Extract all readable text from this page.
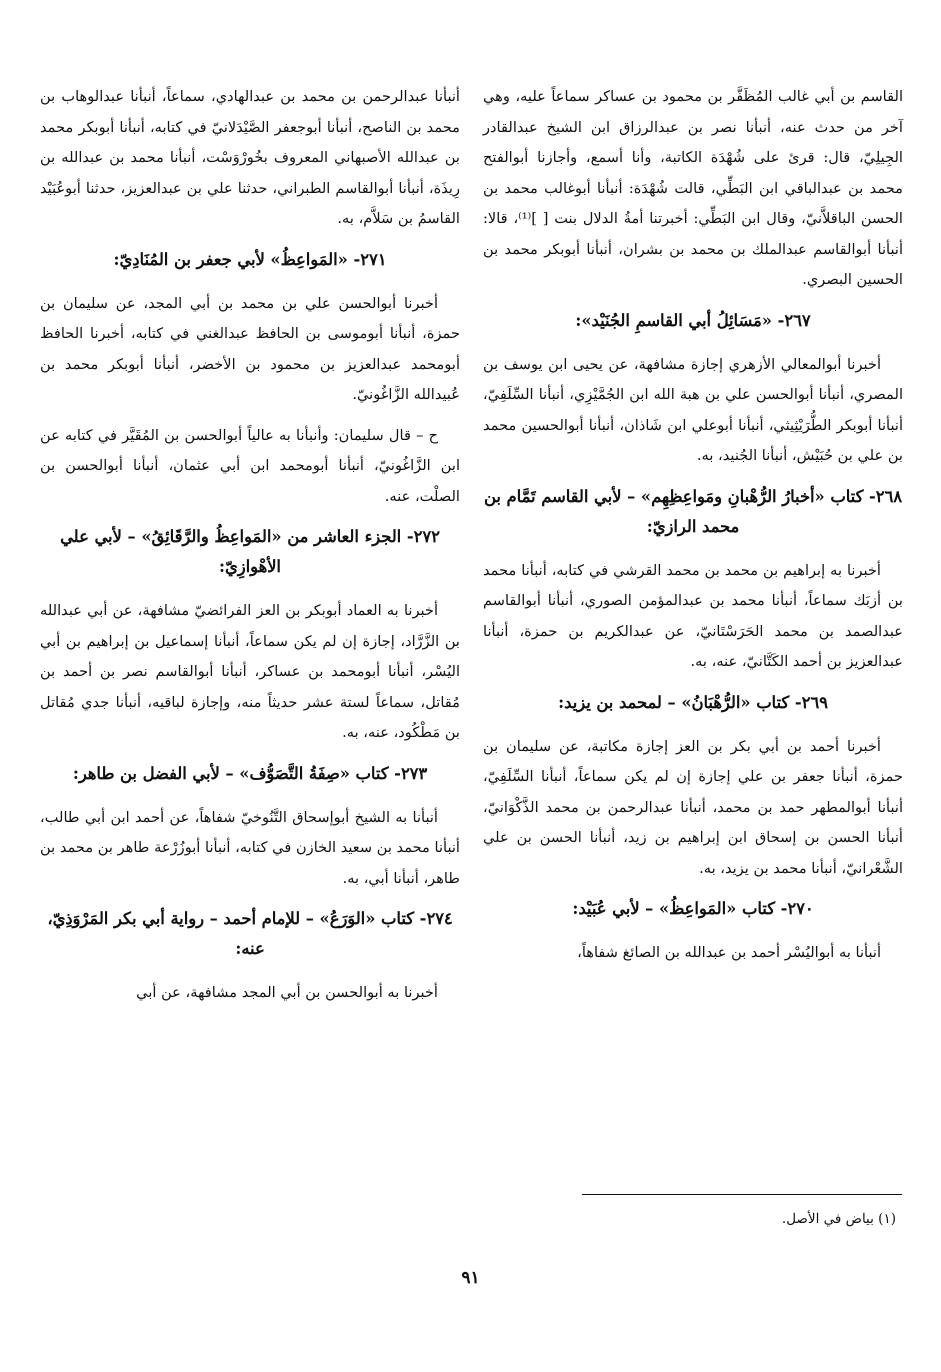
القاسم بن أبي غالب المُظَفَّر بن محمود بن عساكر سماعاً عليه، وهي آخر من حدث عنه، أنبأنا نصر بن عبدالرزاق ابن الشيخ عبدالقادر الجِيلِيّ، قال: قرئ على شُهْدَة الكاتبة، وأنا أسمع، وأجازنا أبوالفتح محمد بن عبدالباقي ابن البَطِّي، قالت شُهْدَة: أنبأنا أبوغالب محمد بن الحسن الباقلاَّنيّ، وقال ابن البَطِّي: أخبرتنا أمةُ الدلال بنت [ ]⁽¹⁾، قالا: أنبأنا أبوالقاسم عبدالملك بن محمد بن بشران، أنبأنا أبوبكر محمد بن الحسين البصري.

٢٦٧- «مَسَائِلُ أبي القاسمِ الجُنَيْد»:

أخبرنا أبوالمعالي الأزهري إجازة مشافهة، عن يحيى ابن يوسف بن المصري، أنبأنا أبوالحسن علي بن هبة الله ابن الجُمَّيْزِي، أنبأنا السِّلَفِيّ، أنبأنا أبوبكر الطُّرَيْثِيثي، أنبأنا أبوعلي ابن شَاذان، أنبأنا أبوالحسين محمد بن علي بن حُبَيْش، أنبأنا الجُنيد، به.

٢٦٨- كتاب «أخبارُ الرُّهْبانِ ومَواعِظِهِم» – لأبي القاسم تَمَّام بن محمد الرازيّ:

أخبرنا به إبراهيم بن محمد بن محمد القرشي في كتابه، أنبأنا محمد بن أزبَك سماعاً، أنبأنا محمد بن عبدالمؤمن الصوري، أنبأنا أبوالقاسم عبدالصمد بن محمد الحَرَسْتَانيّ، عن عبدالكريم بن حمزة، أنبأنا عبدالعزيز بن أحمد الكَتَّانيّ، عنه، به.

٢٦٩- كتاب «الرُّهْبَانُ» – لمحمد بن يزيد:

أخبرنا أحمد بن أبي بكر بن العز إجازة مكاتبة، عن سليمان بن حمزة، أنبأنا جعفر بن علي إجازة إن لم يكن سماعاً، أنبأنا السِّلَفِيّ، أنبأنا أبوالمطهر حمد بن محمد، أنبأنا عبدالرحمن بن محمد الذَّكْوَانيّ، أنبأنا الحسن بن إسحاق ابن إبراهيم بن زيد، أنبأنا الحسن بن علي الشَّعْرانيّ، أنبأنا محمد بن يزيد، به.

٢٧٠- كتاب «المَواعِظُ» – لأبي عُبَيْد:

أنبأنا به أبواليُسْر أحمد بن عبدالله بن الصائغ شفاهاً،

أنبأنا عبدالرحمن بن محمد بن عبدالهادي، سماعاً، أنبأنا عبدالوهاب بن محمد بن الناصح، أنبأنا أبوجعفر الصَّيْدَلانيّ في كتابه، أنبأنا أبوبكر محمد بن عبدالله الأصبهاني المعروف بخُورْوَسْت، أنبأنا محمد بن عبدالله بن رِيذَة، أنبأنا أبوالقاسم الطبراني، حدثنا علي بن عبدالعزيز، حدثنا أبوعُبَيْد القاسمُ بن سَلاَّم، به.

٢٧١- «المَواعِظُ» لأبي جعفر بن المُنَادِيّ:

أخبرنا أبوالحسن علي بن محمد بن أبي المجد، عن سليمان بن حمزة، أنبأنا أبوموسى بن الحافظ عبدالغني في كتابه، أخبرنا الحافظ أبومحمد عبدالعزيز بن محمود بن الأخضر، أنبأنا أبوبكر محمد بن عُبيدالله الزَّاغُونيّ.

ح – قال سليمان: وأنبأنا به عالياً أبوالحسن بن المُقَيَّر في كتابه عن ابن الزَّاغُونيّ، أنبأنا أبومحمد ابن أبي عثمان، أنبأنا أبوالحسن بن الصلْت، عنه.

٢٧٢- الجزء العاشر من «المَواعِظُ والرَّقَائِقُ» – لأبي علي الأهْوازِيّ:

أخبرنا به العماد أبوبكر بن العز الفرائضيّ مشافهة، عن أبي عبدالله بن الزَّرَّاد، إجازة إن لم يكن سماعاً، أنبأنا إسماعيل بن إبراهيم بن أبي اليُسْر، أنبأنا أبومحمد بن عساكر، أنبأنا أبوالقاسم نصر بن أحمد بن مُقاتل، سماعاً لستة عشر حديثاً منه، وإجازة لباقيه، أنبأنا جدي مُقاتل بن مَطْكُود، عنه، به.

٢٧٣- كتاب «صِفَةُ التَّصَوُّف» – لأبي الفضل بن طاهر:

أنبأنا به الشيخ أبوإسحاق التَّنُوخيّ شفاهاً، عن أحمد ابن أبي طالب، أنبأنا محمد بن سعيد الخازن في كتابه، أنبأنا أبوزُرْعة طاهر بن محمد بن طاهر، أنبأنا أبي، به.

٢٧٤- كتاب «الوَرَعُ» – للإمام أحمد – رواية أبي بكر المَرْوَذِيّ، عنه:

أخبرنا به أبوالحسن بن أبي المجد مشافهة، عن أبي

(١) بياض في الأصل.
٩١
